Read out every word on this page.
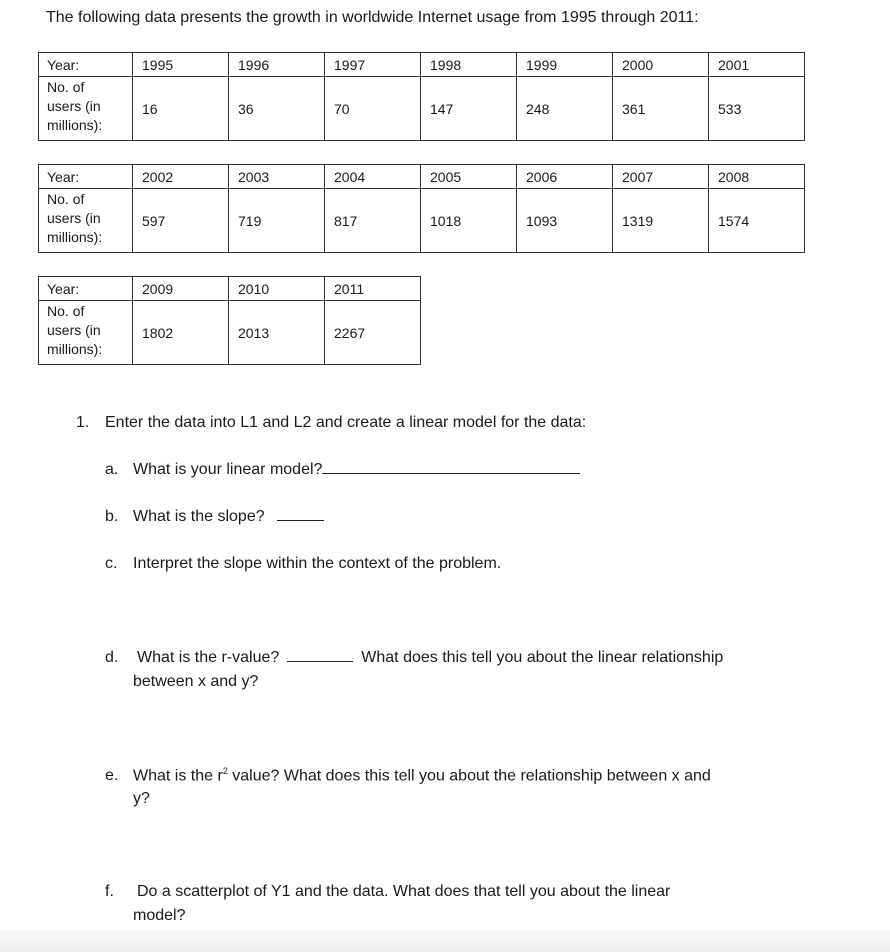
The following data presents the growth in worldwide Internet usage from 1995 through 2011:
Year:	1995	1996	1997	1998	1999	2000	2001
No. of
users (in
millions):	16	36	70	147	248	361	533
Year:	2002	2003	2004	2005	2006	2007	2008
No. of
users (in
millions):	597	719	817	1018	1093	1319	1574
Year:	2009	2010	2011
No. of
users (in
millions):	1802	2013	2267
1. Enter the data into L1 and L2 and create a linear model for the data:
a. What is your linear model?
b. What is the slope?
c. Interpret the slope within the context of the problem.
d. What is the r-value?	What does this tell you about the linear relationship
between x and y?
e. What is the $r^2$ value? What does this tell you about the relationship between x and
y?
f. Do a scatterplot of Y1 and the data. What does that tell you about the linear
model?
